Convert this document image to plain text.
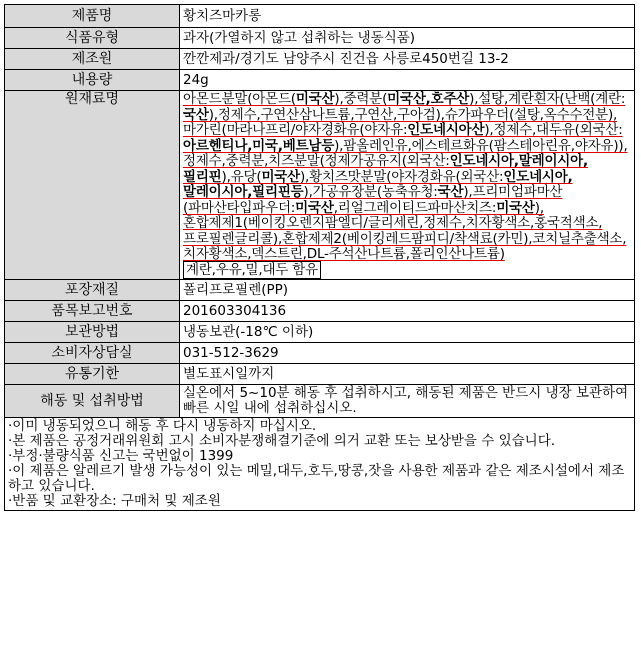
제품명	황치즈마카롱
식품유형	과자(가열하지 않고 섭취하는 냉동식품)
제조원	깐깐제과/경기도 남양주시 진건읍 사릉로450번길 13-2
내용량	24g
원재료명	아몬드분말(아몬드(미국산),중력분(미국산,호주산),설탕,계란흰자(난백(계란:국산),정제수,구연산삼나트륨,구연산,구아검),슈가파우더(설탕,옥수수전분),마가린(마라나프리/야자경화유(야자유:인도네시아산),정제수,대두유(외국산:아르헨티나,미국,베트남등),팜올레인유,에스테르화유(팜스테아린유,야자유)),정제수,중력분,치즈분말(정제가공유지(외국산:인도네시아,말레이시아,필리핀),유당(미국산),황치즈맛분말(야자경화유(외국산:인도네시아,말레이시아,필리핀등),가공유장분(농축유청:국산),프리미엄파마산(파마산타입파우더:미국산,리얼그레이티드파마산치즈:미국산),혼합제제1(베이킹오렌지팜엘디/글리세린,정제수,치자황색소,홍국적색소,프로필렌글리콜),혼합제제2(베이킹레드팜피디/착색료(카민),코치닐추출색소,치자황색소,덱스트린,DL-주석산나트륨,폴리인산나트륨)
계란,우유,밀,대두 함유
포장재질	폴리프로필렌(PP)
품목보고번호	201603304136
보관방법	냉동보관(-18℃ 이하)
소비자상담실	031-512-3629
유통기한	별도표시일까지
해동 및 섭취방법	실온에서 5~10분 해동 후 섭취하시고, 해동된 제품은 반드시 냉장 보관하여 빠른 시일 내에 섭취하십시오.

·이미 냉동되었으니 해동 후 다시 냉동하지 마십시오.
·본 제품은 공정거래위원회 고시 소비자분쟁해결기준에 의거 교환 또는 보상받을 수 있습니다.
·부정·불량식품 신고는 국번없이 1399
·이 제품은 알레르기 발생 가능성이 있는 메밀,대두,호두,땅콩,잣을 사용한 제품과 같은 제조시설에서 제조하고 있습니다.
·반품 및 교환장소: 구매처 및 제조원	
